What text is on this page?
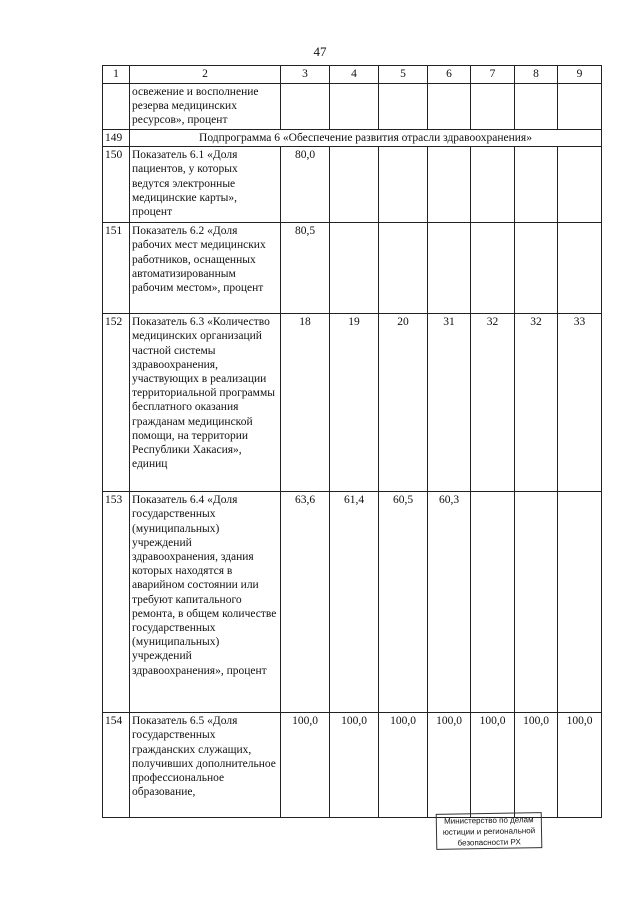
47
1	2	3	4	5	6	7	8	9
	освежение и восполнение резерва медицинских ресурсов», процент							
149	Подпрограмма 6 «Обеспечение развития отрасли здравоохранения»							
150	Показатель 6.1 «Доля пациентов, у которых ведутся электронные медицинские карты», процент	80,0						
151	Показатель 6.2 «Доля рабочих мест медицинских работников, оснащенных автоматизированным рабочим местом», процент	80,5						
152	Показатель 6.3 «Количество медицинских организаций частной системы здравоохранения, участвующих в реализации территориальной программы бесплатного оказания гражданам медицинской помощи, на территории Республики Хакасия», единиц	18	19	20	31	32	32	33
153	Показатель 6.4 «Доля государственных (муниципальных) учреждений здравоохранения, здания которых находятся в аварийном состоянии или требуют капитального ремонта, в общем количестве государственных (муниципальных) учреждений здравоохранения», процент	63,6	61,4	60,5	60,3			
154	Показатель 6.5 «Доля государственных гражданских служащих, получивших дополнительное профессиональное образование,	100,0	100,0	100,0	100,0	100,0	100,0	100,0
Министерство по делам
юстиции и региональной
безопасности РХ
